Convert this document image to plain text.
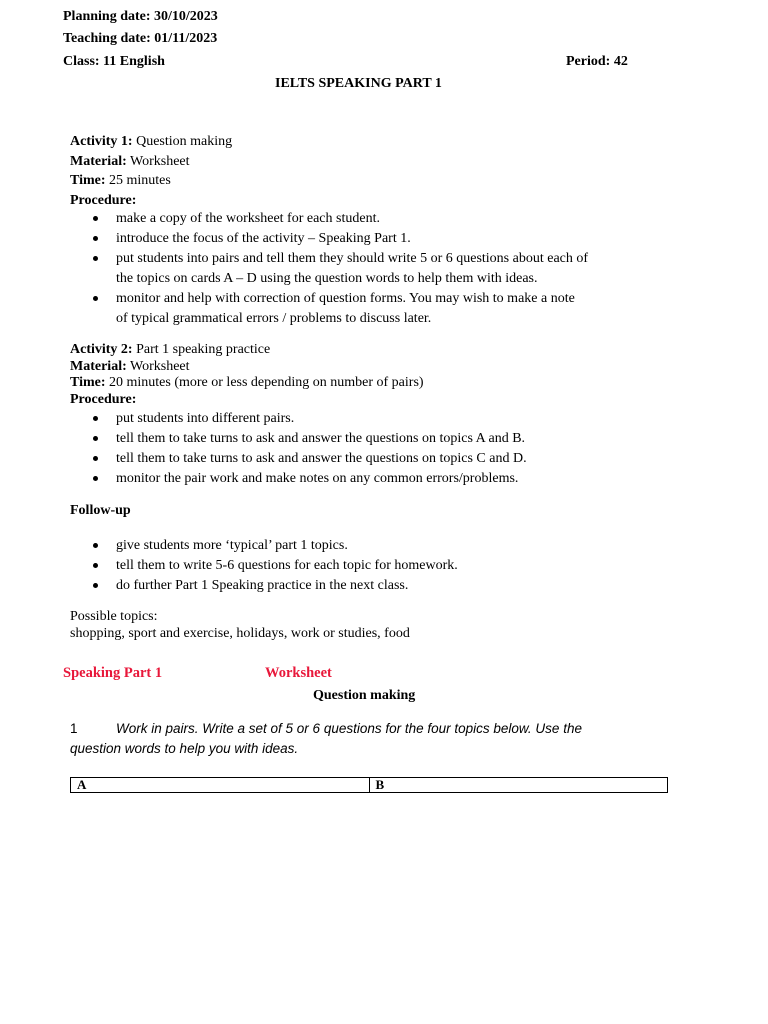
Planning date: 30/10/2023
Teaching date: 01/11/2023
Class: 11 English	Period: 42
IELTS SPEAKING PART 1
Activity 1: Question making
Material: Worksheet
Time: 25 minutes
Procedure:
make a copy of the worksheet for each student.
introduce the focus of the activity – Speaking Part 1.
put students into pairs and tell them they should write 5 or 6 questions about each of
the topics on cards A – D using the question words to help them with ideas.
monitor and help with correction of question forms. You may wish to make a note
of typical grammatical errors / problems to discuss later.
Activity 2: Part 1 speaking practice
Material: Worksheet
Time: 20 minutes (more or less depending on number of pairs)
Procedure:
put students into different pairs.
tell them to take turns to ask and answer the questions on topics A and B.
tell them to take turns to ask and answer the questions on topics C and D.
monitor the pair work and make notes on any common errors/problems.
Follow-up
give students more ‘typical’ part 1 topics.
tell them to write 5-6 questions for each topic for homework.
do further Part 1 Speaking practice in the next class.
Possible topics:
shopping, sport and exercise, holidays, work or studies, food
Speaking Part 1	Worksheet
Question making
1	Work in pairs. Write a set of 5 or 6 questions for the four topics below. Use the
question words to help you with ideas.
A	B
